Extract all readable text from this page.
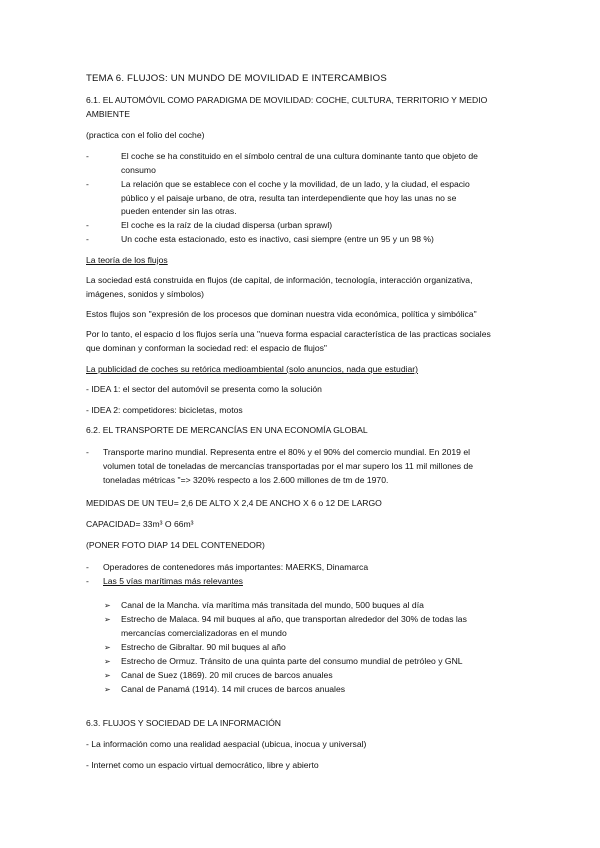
TEMA 6. FLUJOS: UN MUNDO DE MOVILIDAD E INTERCAMBIOS
6.1. EL AUTOMÓVIL COMO PARADIGMA DE MOVILIDAD: COCHE, CULTURA, TERRITORIO Y MEDIO
AMBIENTE
(practica con el folio del coche)
-	El coche se ha constituido en el símbolo central de una cultura dominante tanto que objeto de
consumo
-	La relación que se establece con el coche y la movilidad, de un lado, y la ciudad, el espacio
público y el paisaje urbano, de otra, resulta tan interdependiente que hoy las unas no se
pueden entender sin las otras.
-	El coche es la raíz de la ciudad dispersa (urban sprawl)
-	Un coche esta estacionado, esto es inactivo, casi siempre (entre un 95 y un 98 %)
La teoría de los flujos
La sociedad está construida en flujos (de capital, de información, tecnología, interacción organizativa,
imágenes, sonidos y símbolos)
Estos flujos son "expresión de los procesos que dominan nuestra vida económica, política y simbólica"
Por lo tanto, el espacio d los flujos sería una "nueva forma espacial característica de las practicas sociales
que dominan y conforman la sociedad red: el espacio de flujos"
La publicidad de coches su retórica medioambiental (solo anuncios, nada que estudiar)
- IDEA 1: el sector del automóvil se presenta como la solución
- IDEA 2: competidores: bicicletas, motos
6.2. EL TRANSPORTE DE MERCANCÍAS EN UNA ECONOMÍA GLOBAL
- Transporte marino mundial. Representa entre el 80% y el 90% del comercio mundial. En 2019 el
volumen total de toneladas de mercancías transportadas por el mar supero los 11 mil millones de
toneladas métricas "=> 320% respecto a los 2.600 millones de tm de 1970.
MEDIDAS DE UN TEU= 2,6 DE ALTO X 2,4 DE ANCHO X 6 o 12 DE LARGO
CAPACIDAD= 33m³ O 66m³
(PONER FOTO DIAP 14 DEL CONTENEDOR)
- Operadores de contenedores más importantes: MAERKS, Dinamarca
- Las 5 vías marítimas más relevantes
➢ Canal de la Mancha. vía marítima más transitada del mundo, 500 buques al día
➢ Estrecho de Malaca. 94 mil buques al año, que transportan alrededor del 30% de todas las
mercancías comercializadoras en el mundo
➢ Estrecho de Gibraltar. 90 mil buques al año
➢ Estrecho de Ormuz. Tránsito de una quinta parte del consumo mundial de petróleo y GNL
➢ Canal de Suez (1869). 20 mil cruces de barcos anuales
➢ Canal de Panamá (1914). 14 mil cruces de barcos anuales
6.3. FLUJOS Y SOCIEDAD DE LA INFORMACIÓN
- La información como una realidad aespacial (ubicua, inocua y universal)
- Internet como un espacio virtual democrático, libre y abierto
